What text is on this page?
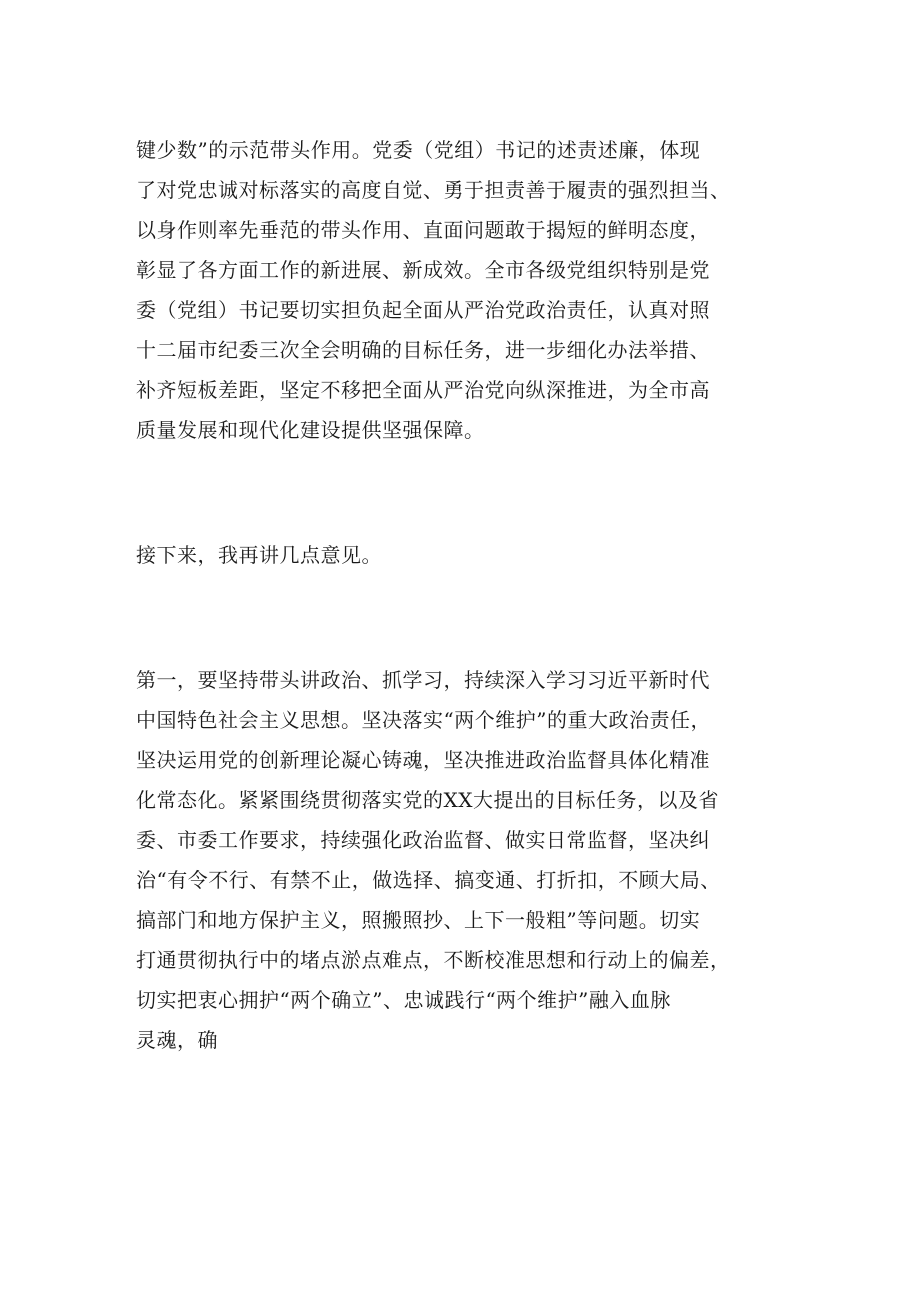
键少数”的示范带头作用。党委（党组）书记的述责述廉，体现
了对党忠诚对标落实的高度自觉、勇于担责善于履责的强烈担当、
以身作则率先垂范的带头作用、直面问题敢于揭短的鲜明态度，
彰显了各方面工作的新进展、新成效。全市各级党组织特别是党
委（党组）书记要切实担负起全面从严治党政治责任，认真对照
十二届市纪委三次全会明确的目标任务，进一步细化办法举措、
补齐短板差距，坚定不移把全面从严治党向纵深推进，为全市高
质量发展和现代化建设提供坚强保障。
接下来，我再讲几点意见。
第一，要坚持带头讲政治、抓学习，持续深入学习习近平新时代
中国特色社会主义思想。坚决落实“两个维护”的重大政治责任，
坚决运用党的创新理论凝心铸魂，坚决推进政治监督具体化精准
化常态化。紧紧围绕贯彻落实党的XX大提出的目标任务，以及省
委、市委工作要求，持续强化政治监督、做实日常监督，坚决纠
治“有令不行、有禁不止，做选择、搞变通、打折扣，不顾大局、
搞部门和地方保护主义，照搬照抄、上下一般粗”等问题。切实
打通贯彻执行中的堵点淤点难点，不断校准思想和行动上的偏差，
切实把衷心拥护“两个确立”、忠诚践行“两个维护”融入血脉
灵魂，确
